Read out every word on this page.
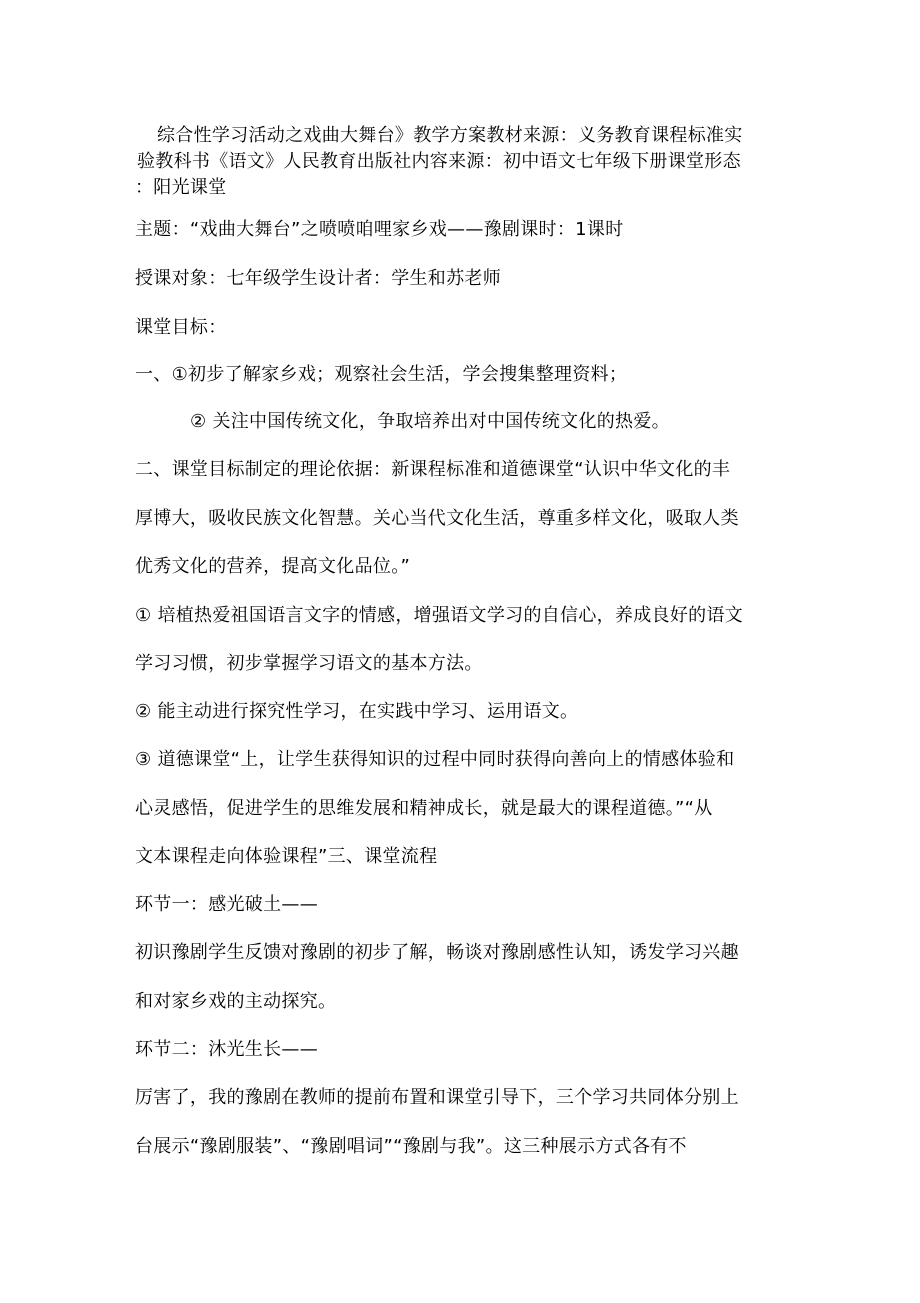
综合性学习活动之戏曲大舞台》教学方案教材来源：义务教育课程标准实

验教科书《语文》人民教育出版社内容来源：初中语文七年级下册课堂形态

：阳光课堂

主题：“戏曲大舞台”之喷喷咱哩家乡戏——豫剧课时：1课时

授课对象：七年级学生设计者：学生和苏老师

课堂目标：

一、①初步了解家乡戏；观察社会生活，学会搜集整理资料；

② 关注中国传统文化，争取培养出对中国传统文化的热爱。

二、课堂目标制定的理论依据：新课程标准和道德课堂“认识中华文化的丰

厚博大，吸收民族文化智慧。关心当代文化生活，尊重多样文化，吸取人类

优秀文化的营养，提高文化品位。”

① 培植热爱祖国语言文字的情感，增强语文学习的自信心，养成良好的语文

学习习惯，初步掌握学习语文的基本方法。

② 能主动进行探究性学习，在实践中学习、运用语文。

③ 道德课堂“上，让学生获得知识的过程中同时获得向善向上的情感体验和

心灵感悟，促进学生的思维发展和精神成长，就是最大的课程道德。”“从

文本课程走向体验课程”三、课堂流程

环节一：感光破土——

初识豫剧学生反馈对豫剧的初步了解，畅谈对豫剧感性认知，诱发学习兴趣

和对家乡戏的主动探究。

环节二：沐光生长——

厉害了，我的豫剧在教师的提前布置和课堂引导下，三个学习共同体分别上

台展示“豫剧服装”、“豫剧唱词”“豫剧与我”。这三种展示方式各有不
